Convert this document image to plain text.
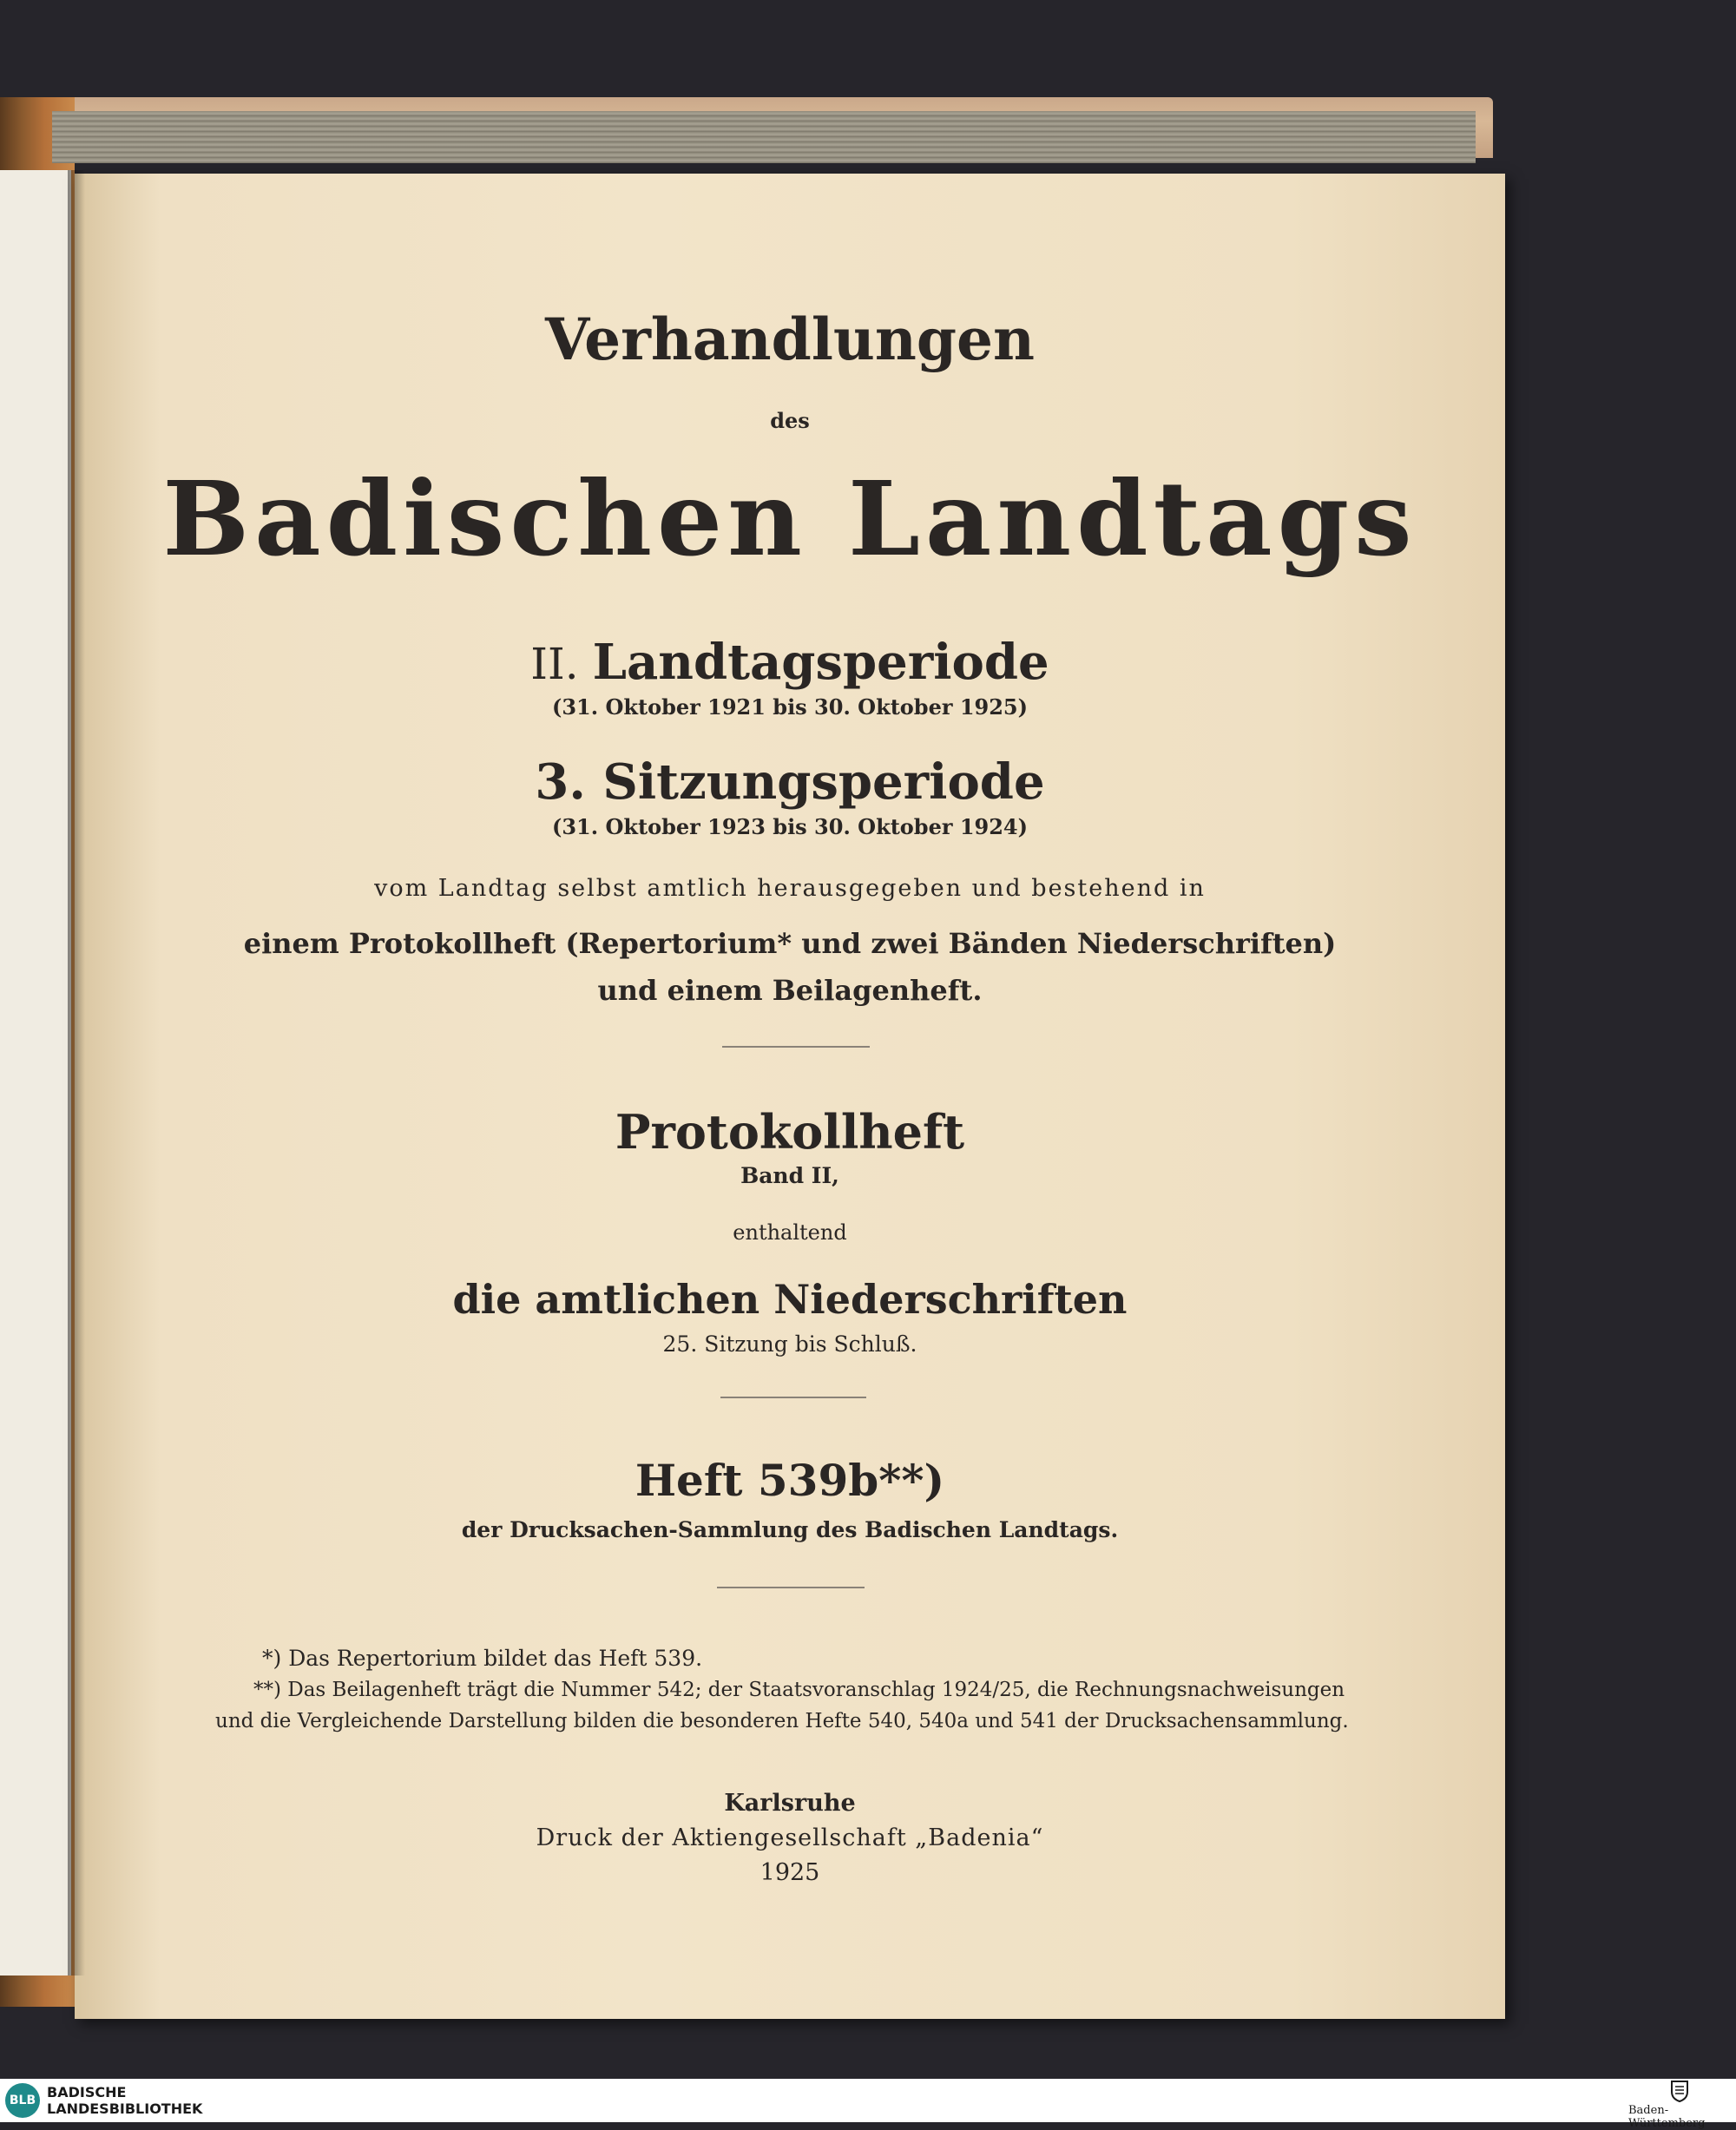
Verhandlungen
des
Badischen Landtags
II. Landtagsperiode
(31. Oktober 1921 bis 30. Oktober 1925)
3. Sitzungsperiode
(31. Oktober 1923 bis 30. Oktober 1924)
vom Landtag selbst amtlich herausgegeben und bestehend in
einem Protokollheft (Repertorium* und zwei Bänden Niederschriften)
und einem Beilagenheft.
Protokollheft
Band II,
enthaltend
die amtlichen Niederschriften
25. Sitzung bis Schluß.
Heft 539b**)
der Drucksachen-Sammlung des Badischen Landtags.
*) Das Repertorium bildet das Heft 539.
**) Das Beilagenheft trägt die Nummer 542; der Staatsvoranschlag 1924/25, die Rechnungsnachweisungen
und die Vergleichende Darstellung bilden die besonderen Hefte 540, 540a und 541 der Drucksachensammlung.
Karlsruhe
Druck der Aktiengesellschaft „Badenia“
1925
BLB BADISCHE
LANDESBIBLIOTHEK	Baden-Württemberg
